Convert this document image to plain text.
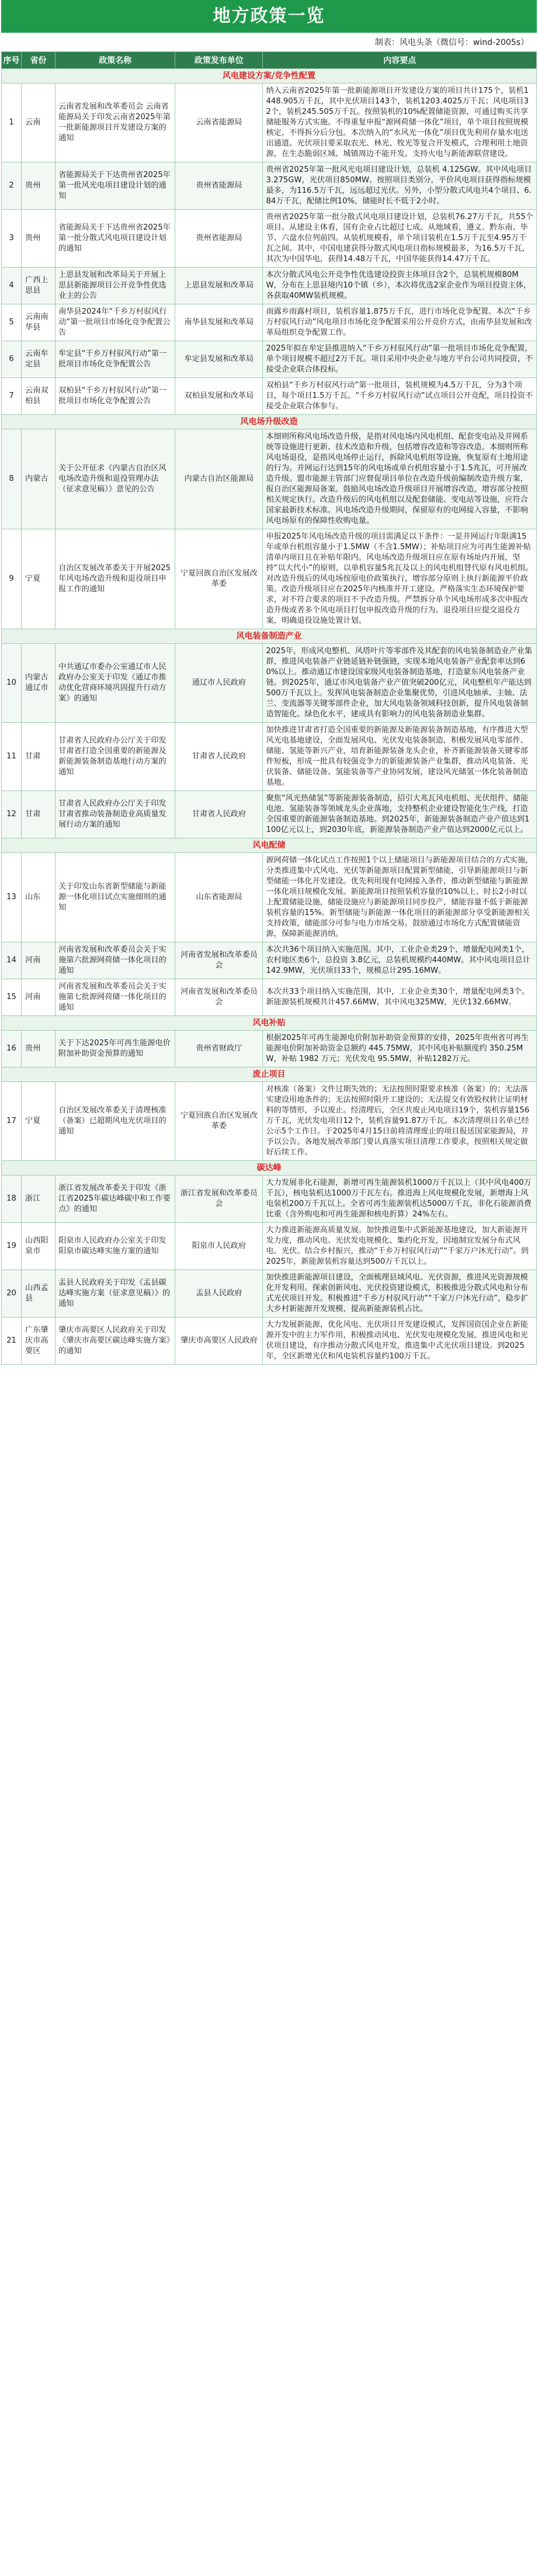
地方政策一览
制表：风电头条（微信号：wind-2005s）
序号	省份	政策名称	政策发布单位	内容要点
风电建设方案/竞争性配置				
1	云南	云南省发展和改革委员会 云南省能源局关于印发云南省2025年第一批新能源项目开发建设方案的通知	云南省能源局	纳入云南省2025年第一批新能源项目开发建设方案的项目共计175个，装机1448.905万千瓦，其中光伏项目143个，装机1203.4025万千瓦；风电项目32个，装机245.505万千瓦。按照装机的10%配置储能资源，可通过购买共享储能服务方式实施。不得重复申报“源网荷储一体化”项目，单个项目按照规模核定，不得拆分后分包。本次纳入的“水风光一体化”项目优先利用存量水电送出通道。光伏项目要采取农光、林光、牧光等复合开发模式，合理利用土地资源，在生态脆弱区域、城镇周边不能开发。支持火电与新能源联营建设。
2	贵州	省能源局关于下达贵州省2025年第一批风光电项目建设计划的通知	贵州省能源局	贵州省2025年第一批风光电项目建设计划，总装机 4.125GW。其中风电项目 3.275GW，光伏项目850MW。按照项目类别分，平价风电项目获得指标规模最多，为116.5万千瓦，远远超过光伏。另外，小型分散式风电共4个项目、6.84万千瓦，配储比例10%，储能时长不低于2小时。
3	贵州	省能源局关于下达贵州省2025年第一批分散式风电项目建设计划的通知	贵州省能源局	贵州省2025年第一批分散式风电项目建设计划，总装机76.27万千瓦，共55个项目。从建设主体看，国有企业占比超过七成。从地域看，遵义、黔东南、毕节、六盘水位列前四。从装机规模看，单个项目装机在1.5万千瓦至4.95万千瓦之间。其中，中国电建获得分散式风电项目指标规模最多，为16.5万千瓦，其次为中国华电，获得14.48万千瓦，中国华能获得14.47万千瓦。
4	广西上思县	上思县发展和改革局关于开展上思县新能源项目公开竞争性优选业主的公告	上思县发展和改革局	本次分散式风电公开竞争性优选建设投资主体项目含2个，总装机规模80MW，分布在上思县境内10个镇（乡），本次将优选2家企业作为项目投资主体，各获取40MW装机规模。
5	云南南华县	南华县2024年“千乡万村驭风行动”第一批项目市场化竞争配置公告	南华县发展和改革局	雨露乡雨露村项目，装机容量1.875万千瓦，进行市场化竞争配置。本次“千乡万村驭风行动”风电项目市场化竞争配置采用公开竞价方式，由南华县发展和改革局组织竞争配置工作。
6	云南牟定县	牟定县“千乡万村驭风行动”第一批项目市场化竞争配置公告	牟定县发展和改革局	2025年拟在牟定县推进纳入“千乡万村驭风行动”第一批项目市场化竞争配置，单个项目规模不超过2万千瓦。项目采用中央企业与地方平台公司共同投资，不接受企业联合体投标。
7	云南双柏县	双柏县“千乡万村驭风行动”第一批项目市场化竞争配置公告	双柏县发展和改革局	双柏县“千乡万村驭风行动”第一批项目，装机规模为4.5万千瓦，分为3个项目，每个项目1.5万千瓦。“千乡万村驭风行动”试点项目公开竞配，项目投资不接受企业联合体参与。
风电场升级改造				
8	内蒙古	关于公开征求《内蒙古自治区风电场改造升级和退役管理办法（征求意见稿）》意见的公告	内蒙古自治区能源局	本细则所称风电场改造升级，是指对风电场内风电机组、配套变电站及并网系统等设施进行更新、技术改造和升级，包括增容改造和等容改造。本细则所称风电场退役，是指风电场停止运行，拆除风电机组等设施，恢复原有土地用途的行为。并网运行达到15年的风电场或单台机组容量小于1.5兆瓦，可开展改造升级。盟市能源主管部门应督促项目单位在改造升级前编制改造升级方案，报自治区能源局备案。鼓励风电场改造升级项目开展增容改造，增容部分按照相关规定执行。改造升级后的风电机组以及配套储能、变电站等设施，应符合国家最新技术标准。风电场改造升级期间，保留原有的电网接入容量，不影响风电场原有的保障性收购电量。
9	宁夏	自治区发展改革委关于开展2025年风电场改造升级和退役项目申报工作的通知	宁夏回族自治区发展改革委	申报2025年风电场改造升级的项目需满足以下条件：一是并网运行年限满15年或单台机组容量小于1.5MW（不含1.5MW）；补贴项目应为可再生能源补贴清单内项目且在补贴年限内。风电场改造升级项目应在原有场址内开展，坚持“以大代小”的原则，以单机容量5兆瓦及以上的风电机组替代原有风电机组。对改造升级后的风电场按原电价政策执行，增容部分原则上执行新能源平价政策。改造升级项目应在2025年内核准并开工建设。严格落实生态环境保护要求，对不符合要求的项目不予改造升级。严禁拆分单个风电场形成多次申报改造升级或者多个风电项目打包申报改造升级的行为。退役项目应提交退役方案，明确退役设施处置计划。
风电装备制造产业				
10	内蒙古通辽市	中共通辽市委办公室通辽市人民政府办公室关于印发《通辽市推动优化营商环境巩固提升行动方案》的通知	通辽市人民政府	2025年，形成风电整机、风塔叶片等零部件及其配套的风电装备制造业产业集群，推进风电装备产业链延链补链强链，实现本地风电装备产业配套率达到60%以上。推动通辽市建设国家级风电装备制造基地，打造蒙东风电装备产业链。到2025年，通辽市风电装备产业产值突破200亿元，风电整机年产能达到500万千瓦以上。发挥风电装备制造企业集聚优势，引进风电轴承、主轴、法兰、变流器等关键零部件企业，加大风电装备领域科技创新，提升风电装备制造智能化、绿色化水平，建成具有影响力的风电装备制造业集群。
11	甘肃	甘肃省人民政府办公厅关于印发甘肃省打造全国重要的新能源及新能源装备制造基地行动方案的通知	甘肃省人民政府	加快推进甘肃省打造全国重要的新能源及新能源装备制造基地，有序推进大型风光电基地建设，全面发展风电、光伏发电装备制造，积极发展风电零部件、储能、氢能等新兴产业，培育新能源装备龙头企业，补齐新能源装备关键零部件短板，形成一批具有较强竞争力的新能源装备产业集群，推动风电装备、光伏装备、储能设备、氢能装备等产业协同发展，建设风光储氢一体化装备制造基地。
12	甘肃	甘肃省人民政府办公厅关于印发甘肃省推动装备制造业高质量发展行动方案的通知	甘肃省人民政府	聚焦“风光热储氢”等新能源装备制造，招引大兆瓦风电机组、光伏组件、储能电池、氢能装备等领域龙头企业落地，支持整机企业建设智能化生产线，打造全国重要的新能源装备制造基地。到2025年，新能源装备制造产业产值达到1100亿元以上，到2030年底，新能源装备制造产业产值达到2000亿元以上。
风电配储				
13	山东	关于印发山东省新型储能与新能源一体化项目试点实施细则的通知	山东省能源局	源网荷储一体化试点工作按照1个以上储能项目与新能源项目结合的方式实施，分类推进集中式风电、光伏等新能源项目配置新型储能，引导新能源项目与新型储能一体化开发建设。优先利用现有电网接入条件，推动新型储能与新能源一体化项目规模化发展。新能源项目按照装机容量的10%以上、时长2小时以上配置储能设施，储能设施应与新能源项目同步投产，储能容量不低于新能源装机容量的15%。新型储能与新能源一体化项目的新能源部分享受新能源相关支持政策，储能部分可参与电力市场交易。鼓励通过市场化方式配置储能资源，保障新能源消纳。
14	河南	河南省发展和改革委员会关于实施第六批源网荷储一体化项目的通知	河南省发展和改革委员会	本次共36个项目纳入实施范围。其中，工业企业类29个，增量配电网类1个，农村地区类6个，总投资 3.8亿元，总装机规模约440MW。其中风电项目总计142.9MW，光伏项目33个，规模总计295.16MW。
15	河南	河南省发展和改革委员会关于实施第七批源网荷储一体化项目的通知	河南省发展和改革委员会	本次共33个项目纳入实施范围，其中，工业企业类30个，增量配电网类3个。新能源装机规模共计457.66MW，其中风电325MW，光伏132.66MW。
风电补贴				
16	贵州	关于下达2025年可再生能源电价附加补助资金预算的通知	贵州省财政厅	根据2025年可再生能源电价附加补助资金预算的安排，2025年贵州省可再生能源电价附加补助资金总额约 445.75MW，其中风电补贴额度约 350.25MW，补贴 1982 万元；光伏发电 95.5MW，补贴1282万元。
废止项目				
17	宁夏	自治区发展改革委关于清理核准（备案）已超期风电光伏项目的通知	宁夏回族自治区发展改革委	对核准（备案）文件过期失效的；无法按照时限要求核准（备案）的；无法落实建设用地条件的；无法按照时限开工建设的；无法提交有效股权转让证明材料的等情形，予以废止。经清理后，全区共废止风电项目19个，装机容量156万千瓦，光伏发电项目12个，装机容量91.87万千瓦。本次清理项目名单已经公示5个工作日。于2025年4月15日前将清理废止的项目报送国家能源局，并予以公告。各地发展改革部门要认真落实项目清理工作要求，按照相关规定做好后续工作。
碳达峰				
18	浙江	浙江省发展改革委关于印发《浙江省2025年碳达峰碳中和工作要点》的通知	浙江省发展和改革委员会	大力发展非化石能源，新增可再生能源装机1000万千瓦以上（其中风电400万千瓦），核电装机达1000万千瓦左右。推进海上风电规模化发展，新增海上风电装机200万千瓦以上。全省可再生能源装机达5000万千瓦，非化石能源消费比重（含外购电和可再生能源和核电折算）24%左右。
19	山西阳泉市	阳泉市人民政府办公室关于印发阳泉市碳达峰实施方案的通知	阳泉市人民政府	大力推进新能源高质量发展。加快推进集中式新能源基地建设，加大新能源开发力度，推动风电、光伏发电规模化、集约化开发，因地制宜发展分布式风电、光伏。结合乡村振兴，推动“千乡万村驭风行动”“千家万户沐光行动”。到2025年，新能源装机容量达到500万千瓦以上。
20	山西孟县	盂县人民政府关于印发《盂县碳达峰实施方案（征求意见稿）》的通知	盂县人民政府	加快推进新能源项目建设，全面梳理县域风电、光伏资源，推进风光资源规模化开发利用。探索创新风电、光伏投资建设模式，积极推进分散式风电和分布式光伏项目开发。积极推进“千乡万村驭风行动”“千家万户沐光行动”，稳步扩大乡村新能源开发规模，提高新能源装机占比。
21	广东肇庆市高要区	肇庆市高要区人民政府关于印发《肇庆市高要区碳达峰实施方案》的通知	肇庆市高要区人民政府	大力发展新能源，优化风电、光伏项目开发建设模式，发挥国资国企业在新能源开发中的主力军作用，积极推动风电、光伏发电规模化发展。推进风电和光伏项目建设，有序推动分散式风电开发，推进集中式光伏项目建设。到2025年，全区新增光伏和风电装机容量约100万千瓦。
